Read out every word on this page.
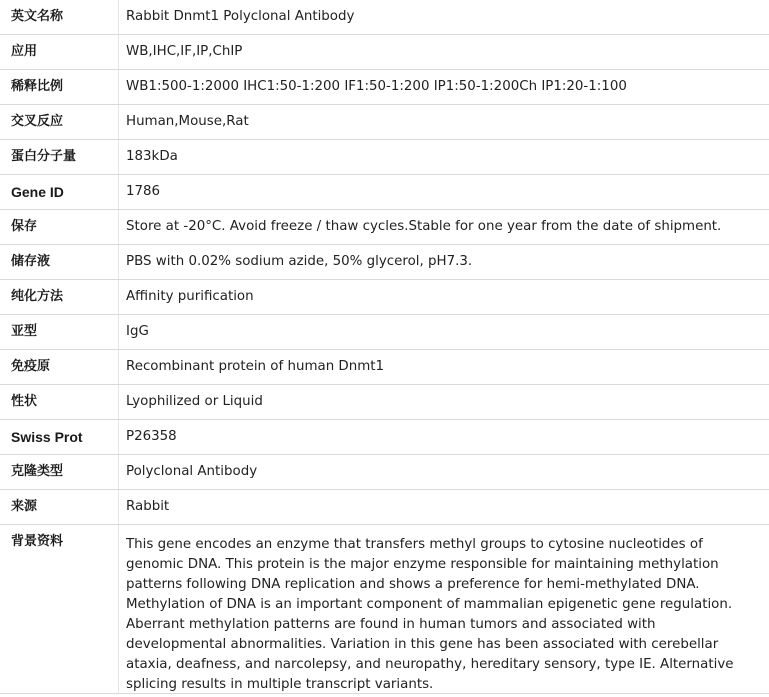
英文名称	Rabbit Dnmt1 Polyclonal Antibody

应用	WB,IHC,IF,IP,ChIP

稀释比例	WB1:500-1:2000 IHC1:50-1:200 IF1:50-1:200 IP1:50-1:200Ch IP1:20-1:100

交叉反应	Human,Mouse,Rat

蛋白分子量	183kDa

Gene ID	1786

保存	Store at -20°C. Avoid freeze / thaw cycles.Stable for one year from the date of shipment.

储存液	PBS with 0.02% sodium azide, 50% glycerol, pH7.3.

纯化方法	Affinity purification

亚型	IgG

免疫原	Recombinant protein of human Dnmt1

性状	Lyophilized or Liquid

Swiss Prot	P26358

克隆类型	Polyclonal Antibody

来源	Rabbit

背景资料	This gene encodes an enzyme that transfers methyl groups to cytosine nucleotides of genomic DNA. This protein is the major enzyme responsible for maintaining methylation patterns following DNA replication and shows a preference for hemi-methylated DNA. Methylation of DNA is an important component of mammalian epigenetic gene regulation. Aberrant methylation patterns are found in human tumors and associated with developmental abnormalities. Variation in this gene has been associated with cerebellar ataxia, deafness, and narcolepsy, and neuropathy, hereditary sensory, type IE. Alternative splicing results in multiple transcript variants.
